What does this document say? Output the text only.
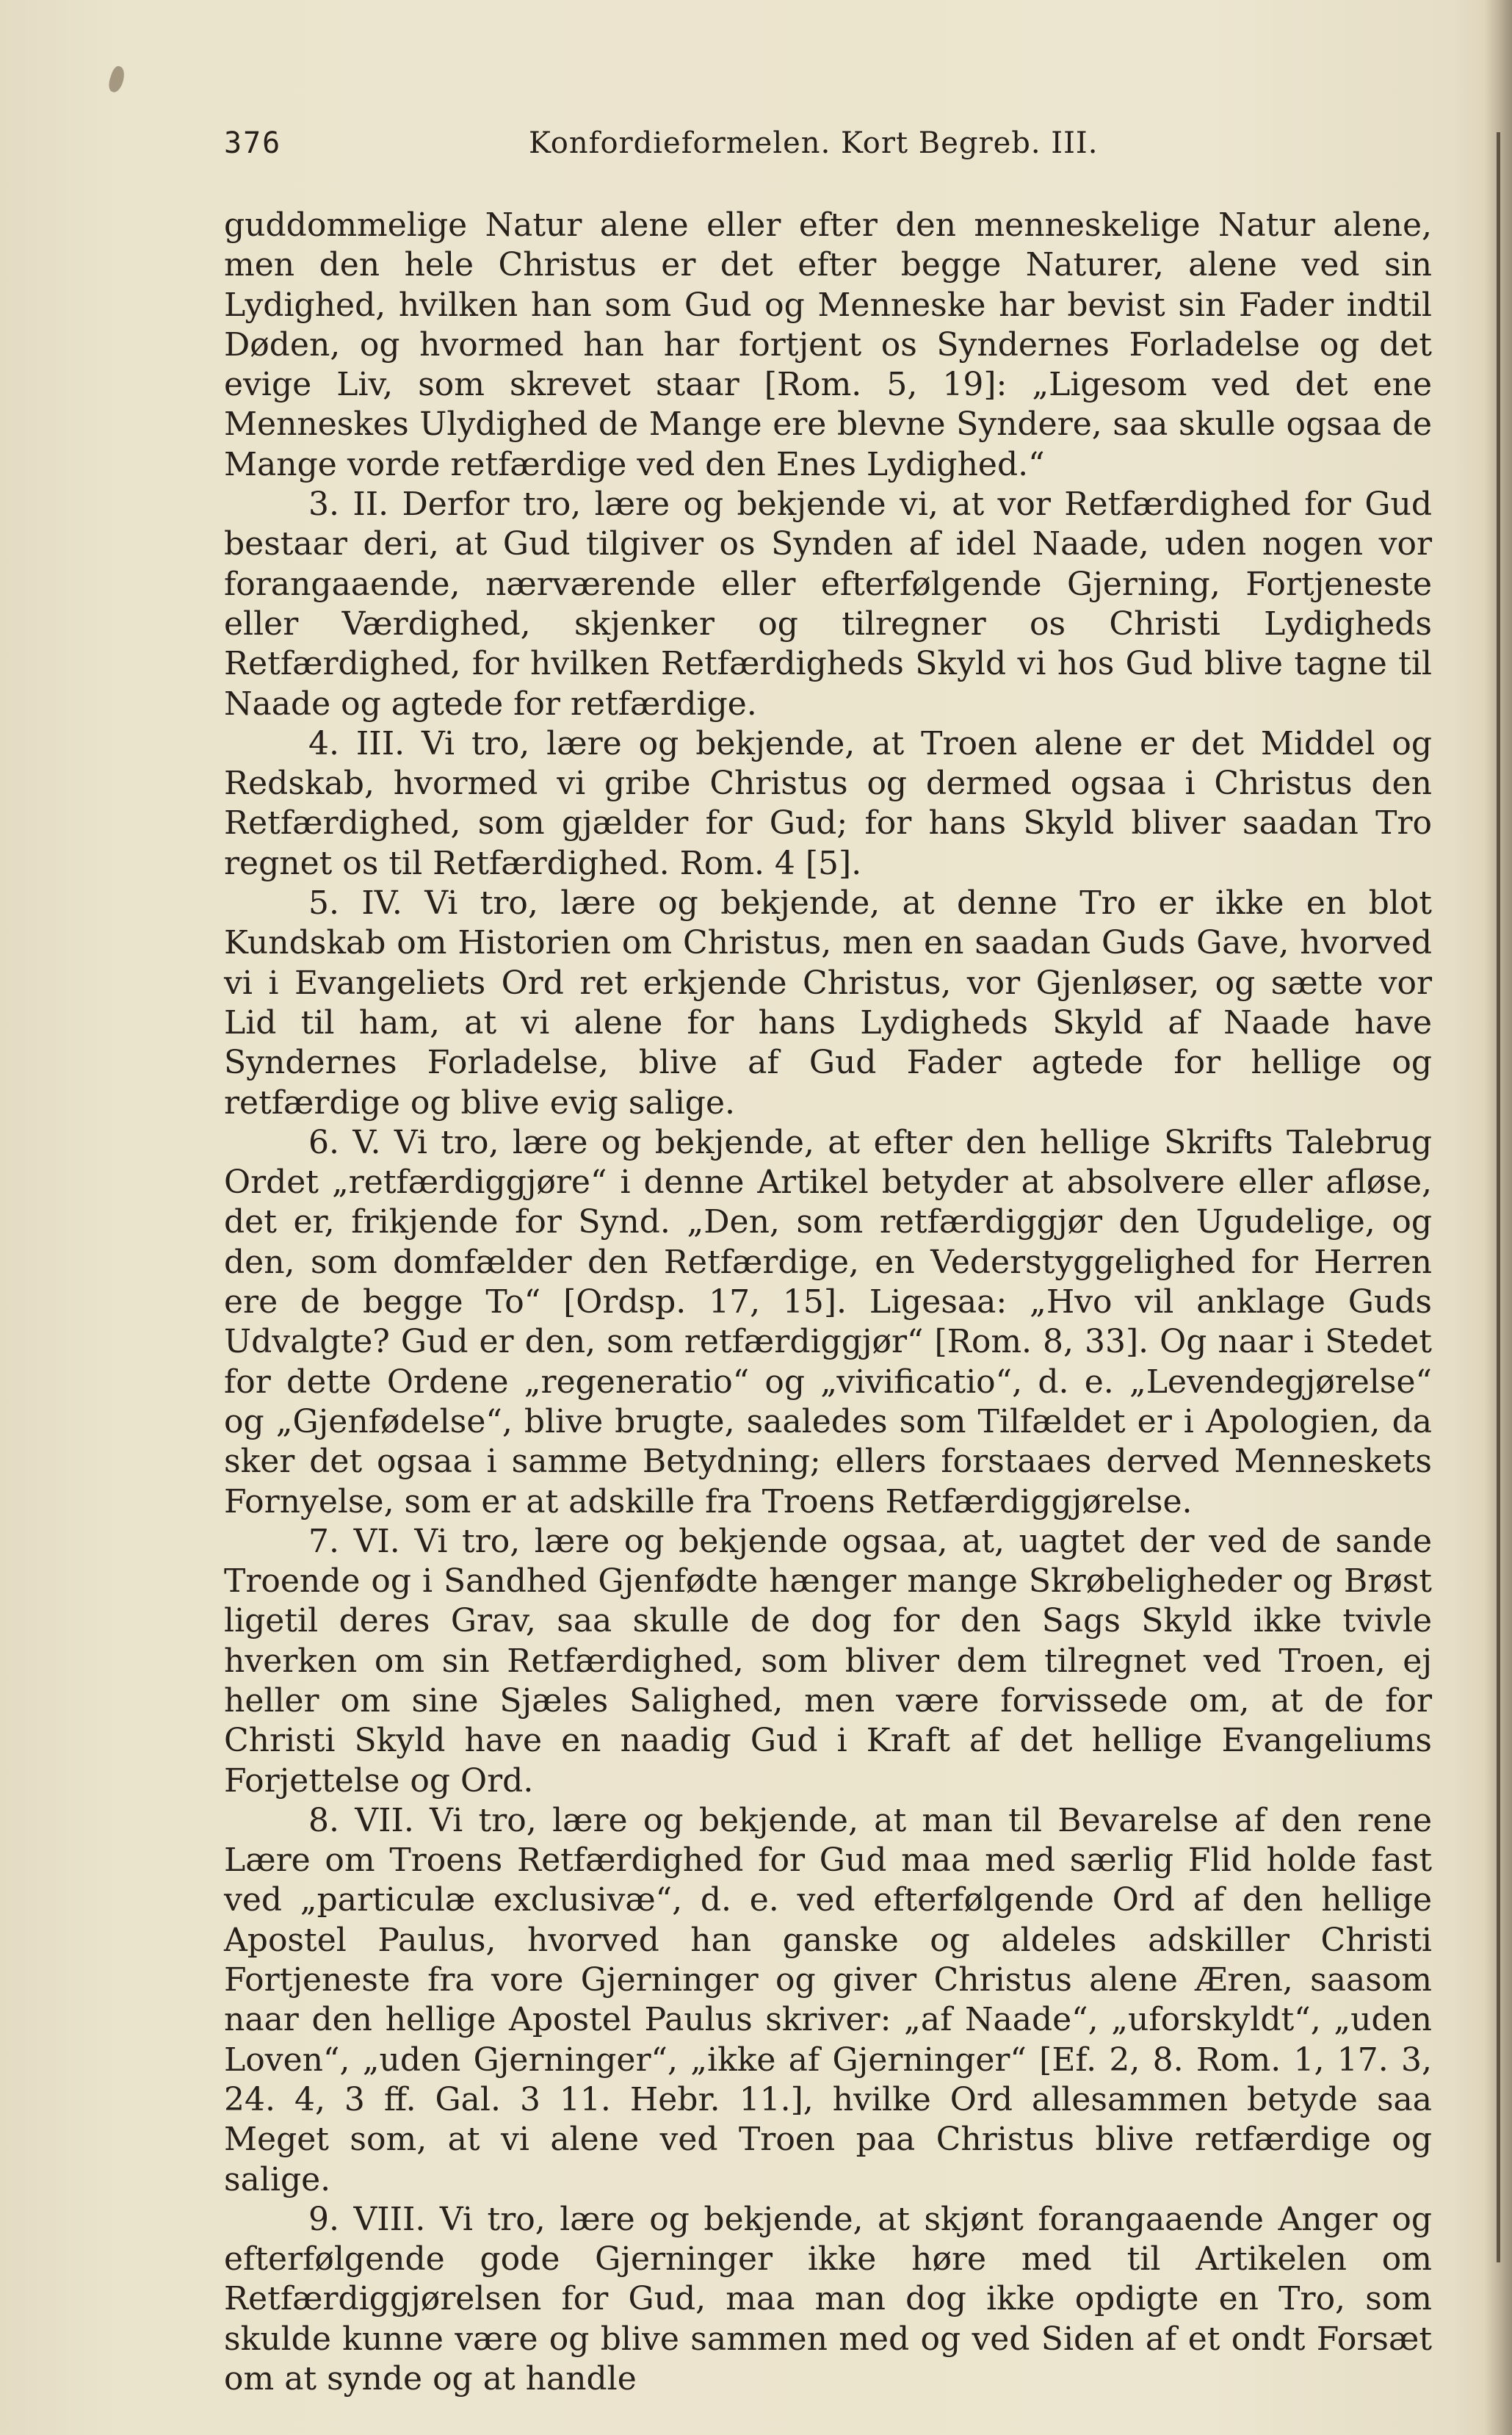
376	Konfordieformelen. Kort Begreb. III.

guddommelige Natur alene eller efter den menneskelige Natur alene, men den hele Christus er det efter begge Naturer, alene ved sin Lydighed, hvilken han som Gud og Menneske har bevist sin Fader indtil Døden, og hvormed han har fortjent os Syndernes Forladelse og det evige Liv, som skrevet staar [Rom. 5, 19]: „Ligesom ved det ene Menneskes Ulydighed de Mange ere blevne Syndere, saa skulle ogsaa de Mange vorde retfærdige ved den Enes Lydighed.“

3. II. Derfor tro, lære og bekjende vi, at vor Retfærdighed for Gud bestaar deri, at Gud tilgiver os Synden af idel Naade, uden nogen vor forangaaende, nærværende eller efterfølgende Gjerning, Fortjeneste eller Værdighed, skjenker og tilregner os Christi Lydigheds Retfærdighed, for hvilken Retfærdigheds Skyld vi hos Gud blive tagne til Naade og agtede for retfærdige.

4. III. Vi tro, lære og bekjende, at Troen alene er det Middel og Redskab, hvormed vi gribe Christus og dermed ogsaa i Christus den Retfærdighed, som gjælder for Gud; for hans Skyld bliver saadan Tro regnet os til Retfærdighed. Rom. 4 [5].

5. IV. Vi tro, lære og bekjende, at denne Tro er ikke en blot Kundskab om Historien om Christus, men en saadan Guds Gave, hvorved vi i Evangeliets Ord ret erkjende Christus, vor Gjenløser, og sætte vor Lid til ham, at vi alene for hans Lydigheds Skyld af Naade have Syndernes Forladelse, blive af Gud Fader agtede for hellige og retfærdige og blive evig salige.

6. V. Vi tro, lære og bekjende, at efter den hellige Skrifts Talebrug Ordet „retfærdiggjøre“ i denne Artikel betyder at absolvere eller afløse, det er, frikjende for Synd. „Den, som retfærdiggjør den Ugudelige, og den, som domfælder den Retfærdige, en Vederstyggelighed for Herren ere de begge To“ [Ordsp. 17, 15]. Ligesaa: „Hvo vil anklage Guds Udvalgte? Gud er den, som retfærdiggjør“ [Rom. 8, 33]. Og naar i Stedet for dette Ordene „regeneratio“ og „vivificatio“, d. e. „Levendegjørelse“ og „Gjenfødelse“, blive brugte, saaledes som Tilfældet er i Apologien, da sker det ogsaa i samme Betydning; ellers forstaaes derved Menneskets Fornyelse, som er at adskille fra Troens Retfærdiggjørelse.

7. VI. Vi tro, lære og bekjende ogsaa, at, uagtet der ved de sande Troende og i Sandhed Gjenfødte hænger mange Skrøbeligheder og Brøst ligetil deres Grav, saa skulle de dog for den Sags Skyld ikke tvivle hverken om sin Retfærdighed, som bliver dem tilregnet ved Troen, ej heller om sine Sjæles Salighed, men være forvissede om, at de for Christi Skyld have en naadig Gud i Kraft af det hellige Evangeliums Forjettelse og Ord.

8. VII. Vi tro, lære og bekjende, at man til Bevarelse af den rene Lære om Troens Retfærdighed for Gud maa med særlig Flid holde fast ved „particulæ exclusivæ“, d. e. ved efterfølgende Ord af den hellige Apostel Paulus, hvorved han ganske og aldeles adskiller Christi Fortjeneste fra vore Gjerninger og giver Christus alene Æren, saasom naar den hellige Apostel Paulus skriver: „af Naade“, „uforskyldt“, „uden Loven“, „uden Gjerninger“, „ikke af Gjerninger“ [Ef. 2, 8. Rom. 1, 17. 3, 24. 4, 3 ff. Gal. 3 11. Hebr. 11.], hvilke Ord allesammen betyde saa Meget som, at vi alene ved Troen paa Christus blive retfærdige og salige.

9. VIII. Vi tro, lære og bekjende, at skjønt forangaaende Anger og efterfølgende gode Gjerninger ikke høre med til Artikelen om Retfærdiggjørelsen for Gud, maa man dog ikke opdigte en Tro, som skulde kunne være og blive sammen med og ved Siden af et ondt Forsæt om at synde og at handle
